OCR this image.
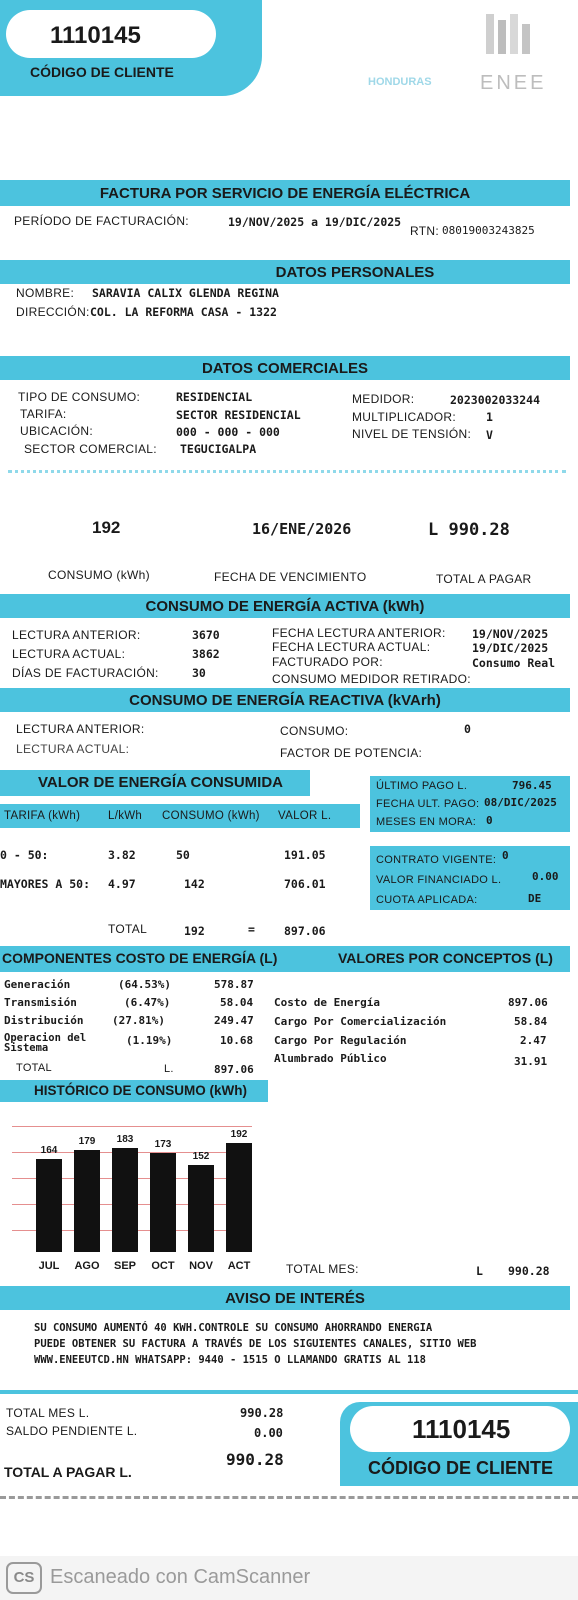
1110145
CÓDIGO DE CLIENTE
HONDURAS ENEE
FACTURA POR SERVICIO DE ENERGÍA ELÉCTRICA
PERÍODO DE FACTURACIÓN:	19/NOV/2025 a 19/DIC/2025
RTN: 08019003243825
DATOS PERSONALES
NOMBRE: SARAVIA CALIX GLENDA REGINA
DIRECCIÓN: COL. LA REFORMA CASA - 1322
DATOS COMERCIALES
TIPO DE CONSUMO:	RESIDENCIAL
TARIFA:	SECTOR RESIDENCIAL
UBICACIÓN:	000 - 000 - 000
SECTOR COMERCIAL: TEGUCIGALPA
MEDIDOR:	2023002033244
MULTIPLICADOR:	1
NIVEL DE TENSIÓN: V
192	16/ENE/2026	L 990.28
CONSUMO (kWh)	FECHA DE VENCIMIENTO	TOTAL A PAGAR
CONSUMO DE ENERGÍA ACTIVA (kWh)
LECTURA ANTERIOR:	3670
LECTURA ACTUAL:	3862
DÍAS DE FACTURACIÓN:	30
FECHA LECTURA ANTERIOR: 19/NOV/2025
FECHA LECTURA ACTUAL:	19/DIC/2025
FACTURADO POR:	Consumo Real
CONSUMO MEDIDOR RETIRADO:
CONSUMO DE ENERGÍA REACTIVA (kVArh)
LECTURA ANTERIOR:
LECTURA ACTUAL:
CONSUMO:	0
FACTOR DE POTENCIA:
VALOR DE ENERGÍA CONSUMIDA
TARIFA (kWh) L/kWh CONSUMO (kWh) VALOR L.
0 - 50:	3.82	50	191.05
MAYORES A 50: 4.97	142	706.01
TOTAL	192	=	897.06
ÚLTIMO PAGO L.	796.45
FECHA ULT. PAGO: 08/DIC/2025
MESES EN MORA: 0
CONTRATO VIGENTE: 0
VALOR FINANCIADO L.	0.00
CUOTA APLICADA:	DE
COMPONENTES COSTO DE ENERGÍA (L)	VALORES POR CONCEPTOS (L)
Generación	(64.53%)	578.87
Transmisión	(6.47%)	58.04
Distribución	(27.81%)	249.47
Operacion del Sistema
(1.19%)	10.68
TOTAL	L.	897.06
Costo de Energía	897.06
Cargo Por Comercialización	58.84
Cargo Por Regulación	2.47
Alumbrado Público	31.91
HISTÓRICO DE CONSUMO (kWh)
164
179	183	173
152
192
JUL	AGO	SEP	OCT	NOV	ACT	TOTAL MES:	L 990.28
AVISO DE INTERÉS
SU CONSUMO AUMENTÓ 40 KWH.CONTROLE SU CONSUMO AHORRANDO ENERGIA
PUEDE OBTENER SU FACTURA A TRAVÉS DE LOS SIGUIENTES CANALES, SITIO WEB
WWW.ENEEUTCD.HN WHATSAPP: 9440 - 1515 O LLAMANDO GRATIS AL 118
TOTAL MES L.	990.28
SALDO PENDIENTE L.	0.00
TOTAL A PAGAR L.
990.28
1110145
CÓDIGO DE CLIENTE
CS Escaneado con CamScanner
